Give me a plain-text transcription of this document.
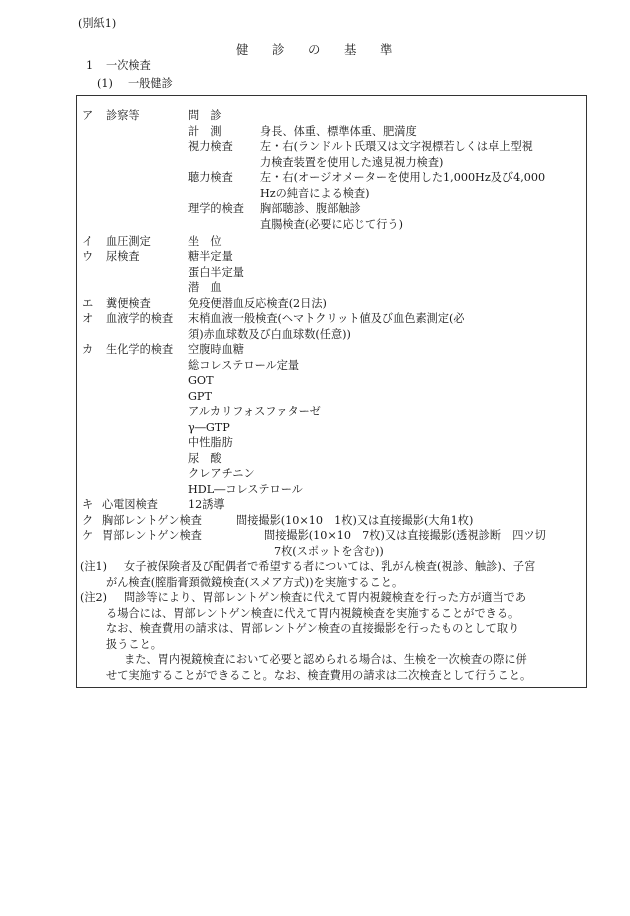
(別紙1)
健 診 の 基 準
1 一次検査
(1) 一般健診
ア 診察等	問　診
計　測	身長、体重、標準体重、肥満度
視力検査 左・右(ランドルト氏環又は文字視標若しくは卓上型視
力検査装置を使用した遠見視力検査)
聴力検査 左・右(オージオメーターを使用した1,000Hz及び4,000
Hzの純音による検査)
理学的検査 胸部聴診、腹部触診
直腸検査(必要に応じて行う)
イ 血圧測定	坐　位
ウ 尿検査	糖半定量
蛋白半定量
潜　血
エ 糞便検査	免疫便潜血反応検査(2日法)
オ 血液学的検査 末梢血液一般検査(ヘマトクリット値及び血色素測定(必
須)赤血球数及び白血球数(任意))
カ 生化学的検査 空腹時血糖
総コレステロール定量
GOT
GPT
アルカリフォスファターゼ
γ―GTP
中性脂肪
尿　酸
クレアチニン
HDL―コレステロール
キ 心電図検査	12誘導
ク 胸部レントゲン検査	間接撮影(10×10　1枚)又は直接撮影(大角1枚)
ケ 胃部レントゲン検査	間接撮影(10×10　7枚)又は直接撮影(透視診断　四ツ切
7枚(スポットを含む))
(注1) 女子被保険者及び配偶者で希望する者については、乳がん検査(視診、触診)、子宮
がん検査(膣脂膏頚微鏡検査(スメア方式))を実施すること。
(注2) 問診等により、胃部レントゲン検査に代えて胃内視鏡検査を行った方が適当であ
る場合には、胃部レントゲン検査に代えて胃内視鏡検査を実施することができる。
なお、検査費用の請求は、胃部レントゲン検査の直接撮影を行ったものとして取り
扱うこと。
また、胃内視鏡検査において必要と認められる場合は、生検を一次検査の際に併
せて実施することができること。なお、検査費用の請求は二次検査として行うこと。
